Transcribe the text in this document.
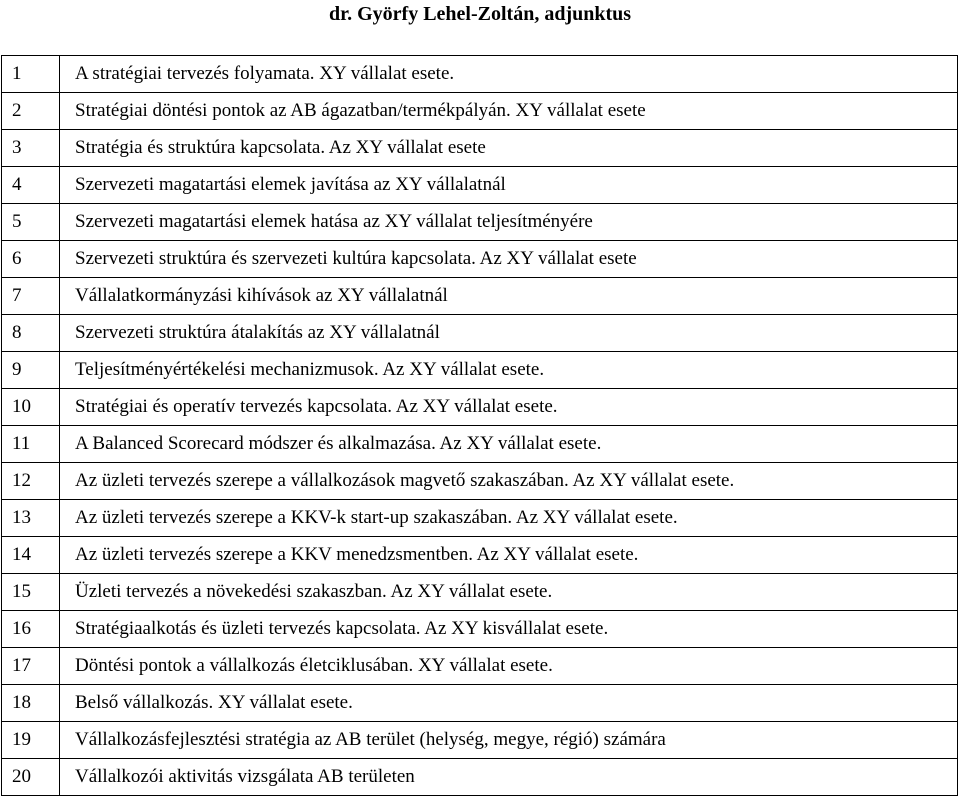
dr. Györfy Lehel-Zoltán, adjunktus
1	A stratégiai tervezés folyamata. XY vállalat esete.
2	Stratégiai döntési pontok az AB ágazatban/termékpályán. XY vállalat esete
3	Stratégia és struktúra kapcsolata. Az XY vállalat esete
4	Szervezeti magatartási elemek javítása az XY vállalatnál
5	Szervezeti magatartási elemek hatása az XY vállalat teljesítményére
6	Szervezeti struktúra és szervezeti kultúra kapcsolata. Az XY vállalat esete
7	Vállalatkormányzási kihívások az XY vállalatnál
8	Szervezeti struktúra átalakítás az XY vállalatnál
9	Teljesítményértékelési mechanizmusok. Az XY vállalat esete.
10	Stratégiai és operatív tervezés kapcsolata. Az XY vállalat esete.
11	A Balanced Scorecard módszer és alkalmazása. Az XY vállalat esete.
12	Az üzleti tervezés szerepe a vállalkozások magvető szakaszában. Az XY vállalat esete.
13	Az üzleti tervezés szerepe a KKV-k start-up szakaszában. Az XY vállalat esete.
14	Az üzleti tervezés szerepe a KKV menedzsmentben. Az XY vállalat esete.
15	Üzleti tervezés a növekedési szakaszban. Az XY vállalat esete.
16	Stratégiaalkotás és üzleti tervezés kapcsolata. Az XY kisvállalat esete.
17	Döntési pontok a vállalkozás életciklusában. XY vállalat esete.
18	Belső vállalkozás. XY vállalat esete.
19	Vállalkozásfejlesztési stratégia az AB terület (helység, megye, régió) számára
20	Vállalkozói aktivitás vizsgálata AB területen
